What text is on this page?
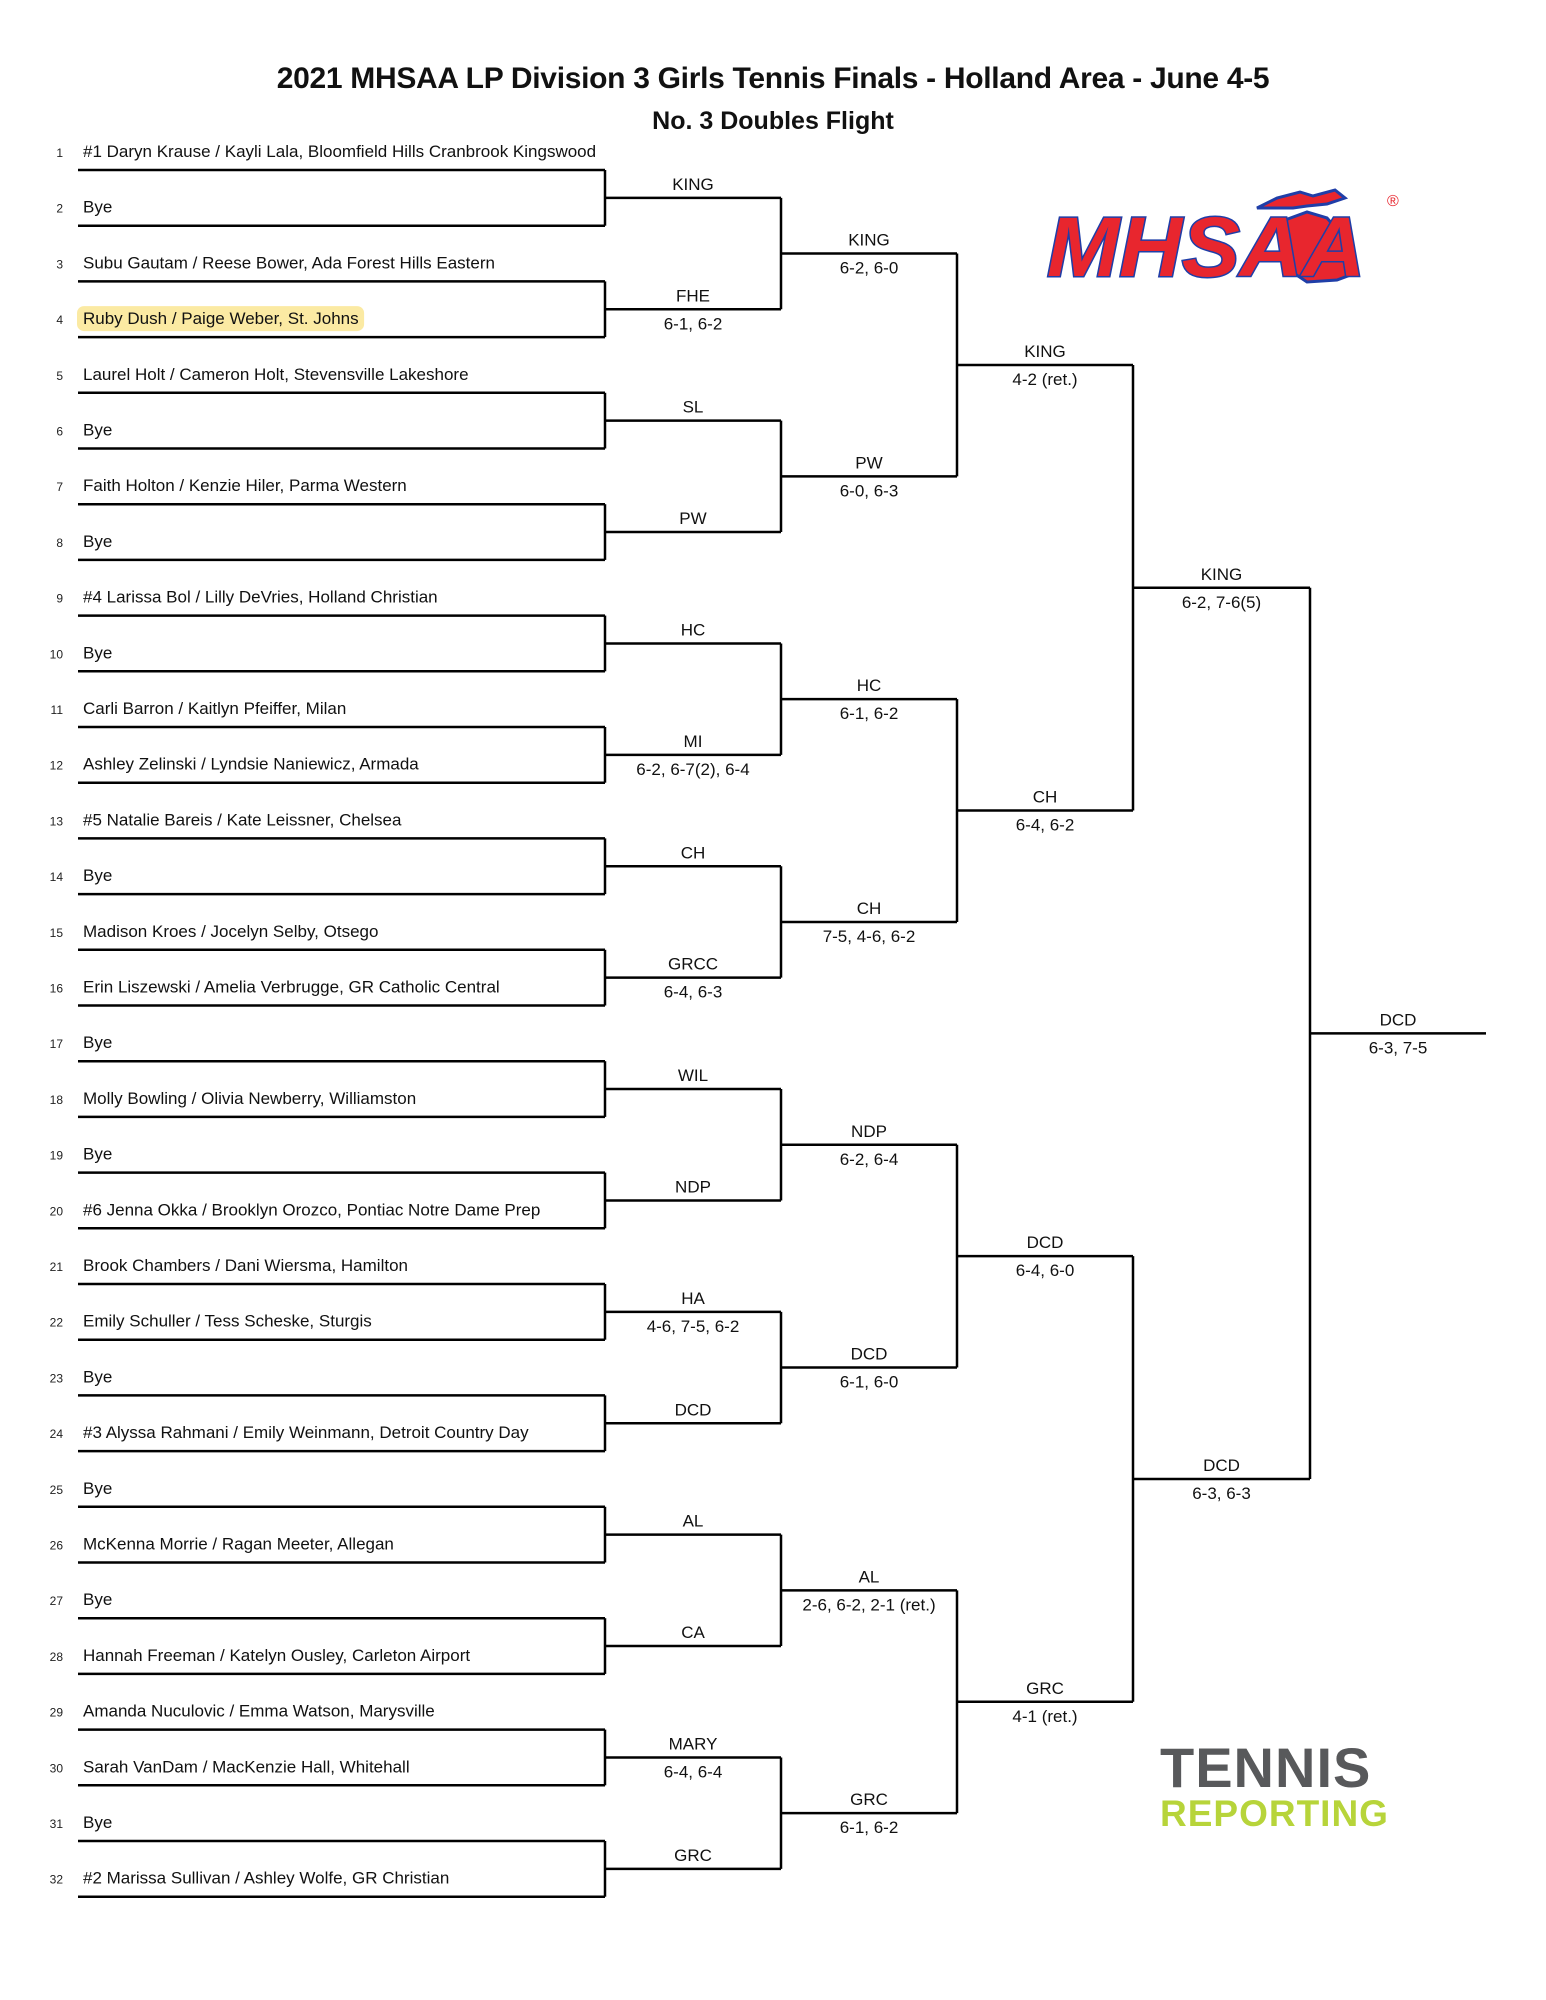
2021 MHSAA LP Division 3 Girls Tennis Finals - Holland Area - June 4-5
No. 3 Doubles Flight
1 #1 Daryn Krause / Kayli Lala, Bloomfield Hills Cranbrook Kingswood
2 Bye
3 Subu Gautam / Reese Bower, Ada Forest Hills Eastern
4 Ruby Dush / Paige Weber, St. Johns
5 Laurel Holt / Cameron Holt, Stevensville Lakeshore
6 Bye
7 Faith Holton / Kenzie Hiler, Parma Western
8 Bye
9 #4 Larissa Bol / Lilly DeVries, Holland Christian
10 Bye
11 Carli Barron / Kaitlyn Pfeiffer, Milan
12 Ashley Zelinski / Lyndsie Naniewicz, Armada
13 #5 Natalie Bareis / Kate Leissner, Chelsea
14 Bye
15 Madison Kroes / Jocelyn Selby, Otsego
16 Erin Liszewski / Amelia Verbrugge, GR Catholic Central
17 Bye
18 Molly Bowling / Olivia Newberry, Williamston
19 Bye
20 #6 Jenna Okka / Brooklyn Orozco, Pontiac Notre Dame Prep
21 Brook Chambers / Dani Wiersma, Hamilton
22 Emily Schuller / Tess Scheske, Sturgis
23 Bye
24 #3 Alyssa Rahmani / Emily Weinmann, Detroit Country Day
25 Bye
26 McKenna Morrie / Ragan Meeter, Allegan
27 Bye
28 Hannah Freeman / Katelyn Ousley, Carleton Airport
29 Amanda Nuculovic / Emma Watson, Marysville
30 Sarah VanDam / MacKenzie Hall, Whitehall
31 Bye
32 #2 Marissa Sullivan / Ashley Wolfe, GR Christian
KING
FHE
6-1, 6-2
SL
PW
HC
MI
6-2, 6-7(2), 6-4
CH
GRCC
6-4, 6-3
WIL
NDP
HA
4-6, 7-5, 6-2
DCD
AL
CA
MARY
6-4, 6-4
GRC
KING
6-2, 6-0
PW
6-0, 6-3
HC
6-1, 6-2
CH
7-5, 4-6, 6-2
NDP
6-2, 6-4
DCD
6-1, 6-0
AL
2-6, 6-2, 2-1 (ret.)
GRC
6-1, 6-2
KING
4-2 (ret.)
CH
6-4, 6-2
DCD
6-4, 6-0
GRC
4-1 (ret.)
KING
6-2, 7-6(5)
DCD
6-3, 6-3
DCD
6-3, 7-5
MHSAA ®
TENNIS
REPORTING
